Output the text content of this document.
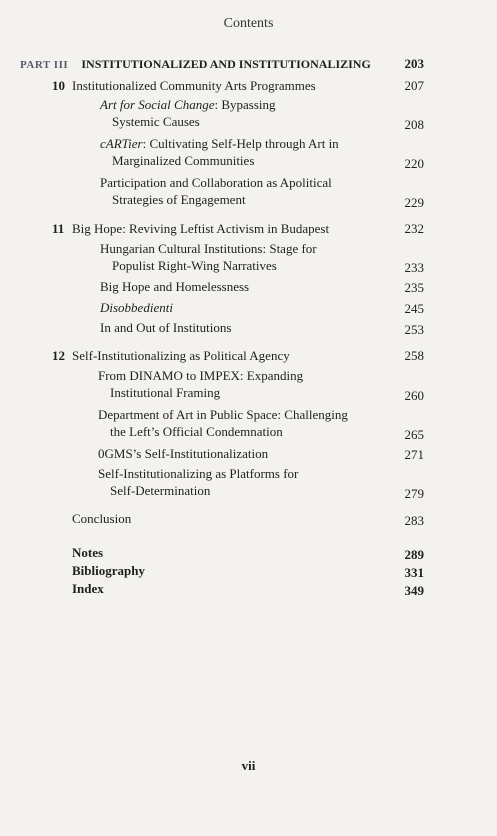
Contents
PART III INSTITUTIONALIZED AND INSTITUTIONALIZING	203
10 Institutionalized Community Arts Programmes	207
Art for Social Change: Bypassing
Systemic Causes	208
cARTier: Cultivating Self-Help through Art in
Marginalized Communities	220
Participation and Collaboration as Apolitical
Strategies of Engagement	229
11 Big Hope: Reviving Leftist Activism in Budapest	232
Hungarian Cultural Institutions: Stage for
Populist Right-Wing Narratives	233
Big Hope and Homelessness	235
Disobbedienti	245
In and Out of Institutions	253
12 Self-Institutionalizing as Political Agency	258
From DINAMO to IMPEX: Expanding
Institutional Framing	260
Department of Art in Public Space: Challenging
the Left’s Official Condemnation	265
0GMS’s Self-Institutionalization	271
Self-Institutionalizing as Platforms for
Self-Determination	279
Conclusion	283
Notes	289
Bibliography	331
Index	349
vii
